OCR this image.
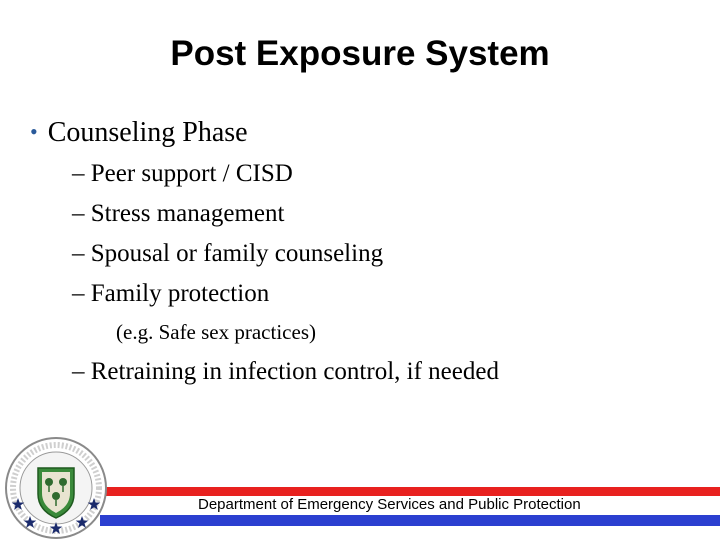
Post Exposure System
• Counseling Phase
– Peer support / CISD
– Stress management
– Spousal or family counseling
– Family protection
(e.g. Safe sex practices)
– Retraining in infection control, if needed
Department of Emergency Services and Public Protection
